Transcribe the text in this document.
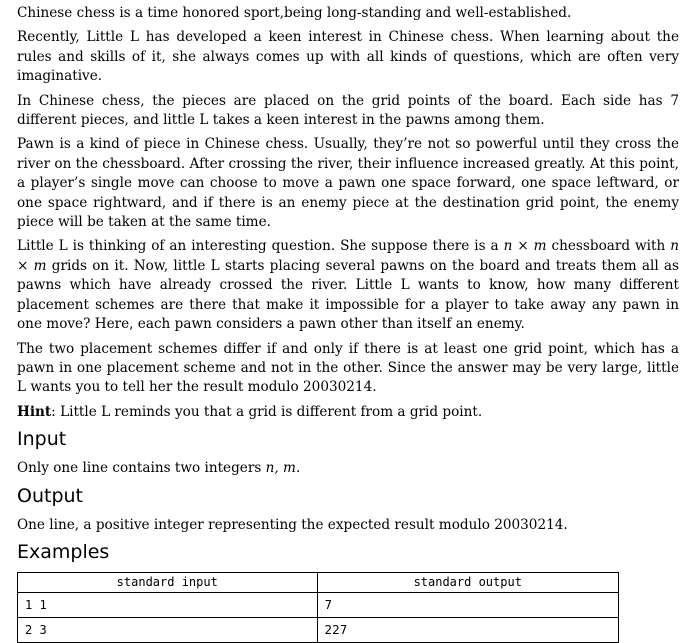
Chinese chess is a time honored sport,being long-standing and well-established.

Recently, Little L has developed a keen interest in Chinese chess. When learning about the rules and skills of it, she always comes up with all kinds of questions, which are often very imaginative.

In Chinese chess, the pieces are placed on the grid points of the board. Each side has 7 different pieces, and little L takes a keen interest in the pawns among them.

Pawn is a kind of piece in Chinese chess. Usually, they’re not so powerful until they cross the river on the chessboard. After crossing the river, their influence increased greatly. At this point, a player’s single move can choose to move a pawn one space forward, one space leftward, or one space rightward, and if there is an enemy piece at the destination grid point, the enemy piece will be taken at the same time.

Little L is thinking of an interesting question. She suppose there is a n × m chessboard with n × m grids on it. Now, little L starts placing several pawns on the board and treats them all as pawns which have already crossed the river. Little L wants to know, how many different placement schemes are there that make it impossible for a player to take away any pawn in one move? Here, each pawn considers a pawn other than itself an enemy.

The two placement schemes differ if and only if there is at least one grid point, which has a pawn in one placement scheme and not in the other. Since the answer may be very large, little L wants you to tell her the result modulo 20030214.

Hint: Little L reminds you that a grid is different from a grid point.

Input

Only one line contains two integers n, m.

Output

One line, a positive integer representing the expected result modulo 20030214.

Examples
standard input	standard output
1 1	7
2 3	227
